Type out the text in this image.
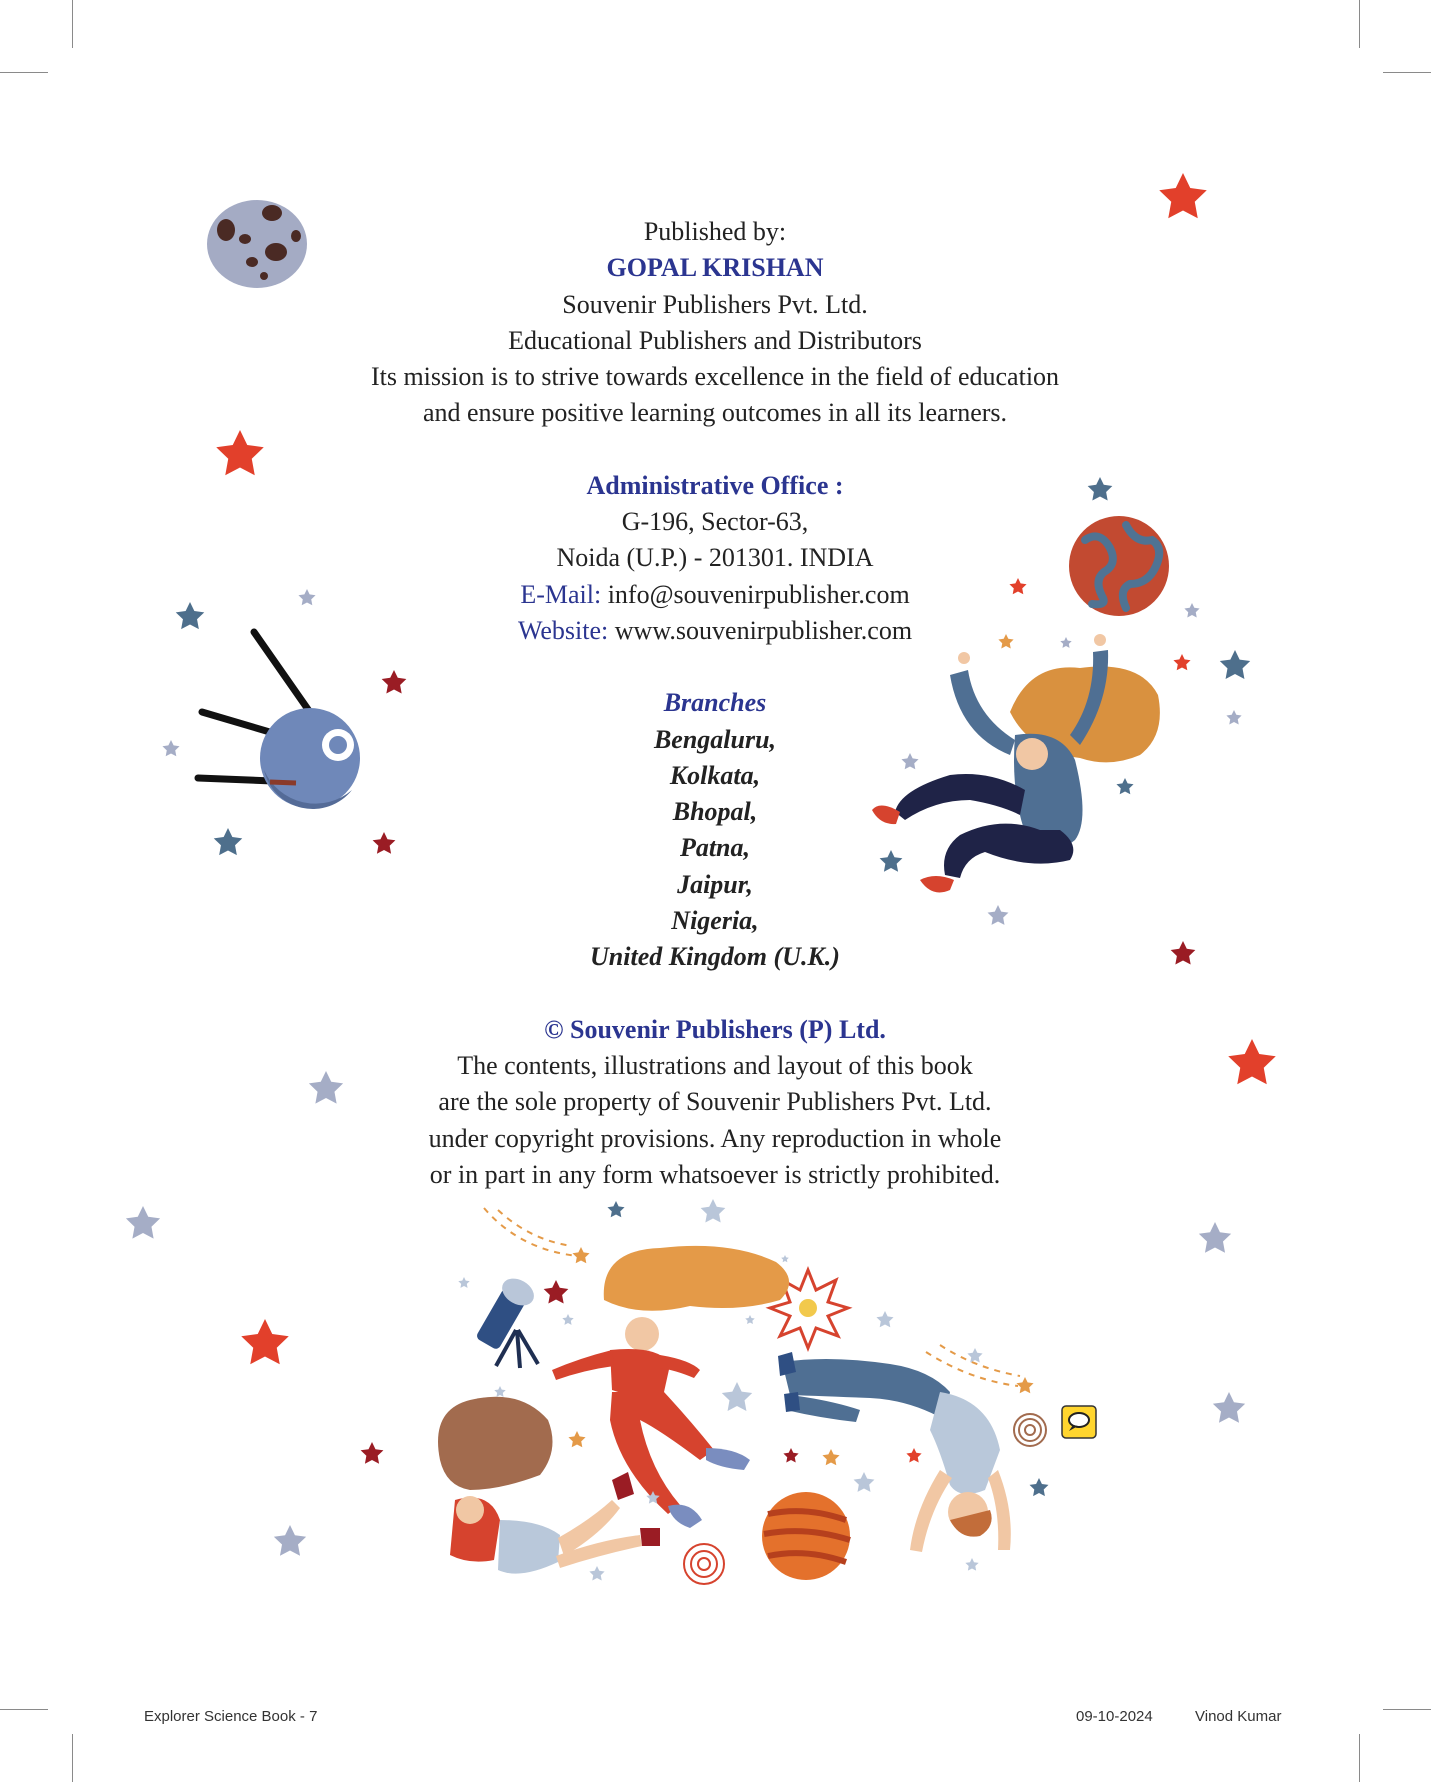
Published by:

GOPAL KRISHAN

Souvenir Publishers Pvt. Ltd.

Educational Publishers and Distributors

Its mission is to strive towards excellence in the field of education

and ensure positive learning outcomes in all its learners.

Administrative Office :

G-196, Sector-63,

Noida (U.P.) - 201301. INDIA

E-Mail: info@souvenirpublisher.com

Website: www.souvenirpublisher.com

Branches

Bengaluru,

Kolkata,

Bhopal,

Patna,

Jaipur,

Nigeria,

United Kingdom (U.K.)

© Souvenir Publishers (P) Ltd.

The contents, illustrations and layout of this book

are the sole property of Souvenir Publishers Pvt. Ltd.

under copyright provisions. Any reproduction in whole

or in part in any form whatsoever is strictly prohibited.

Explorer Science Book - 7	09-10-2024	Vinod Kumar
